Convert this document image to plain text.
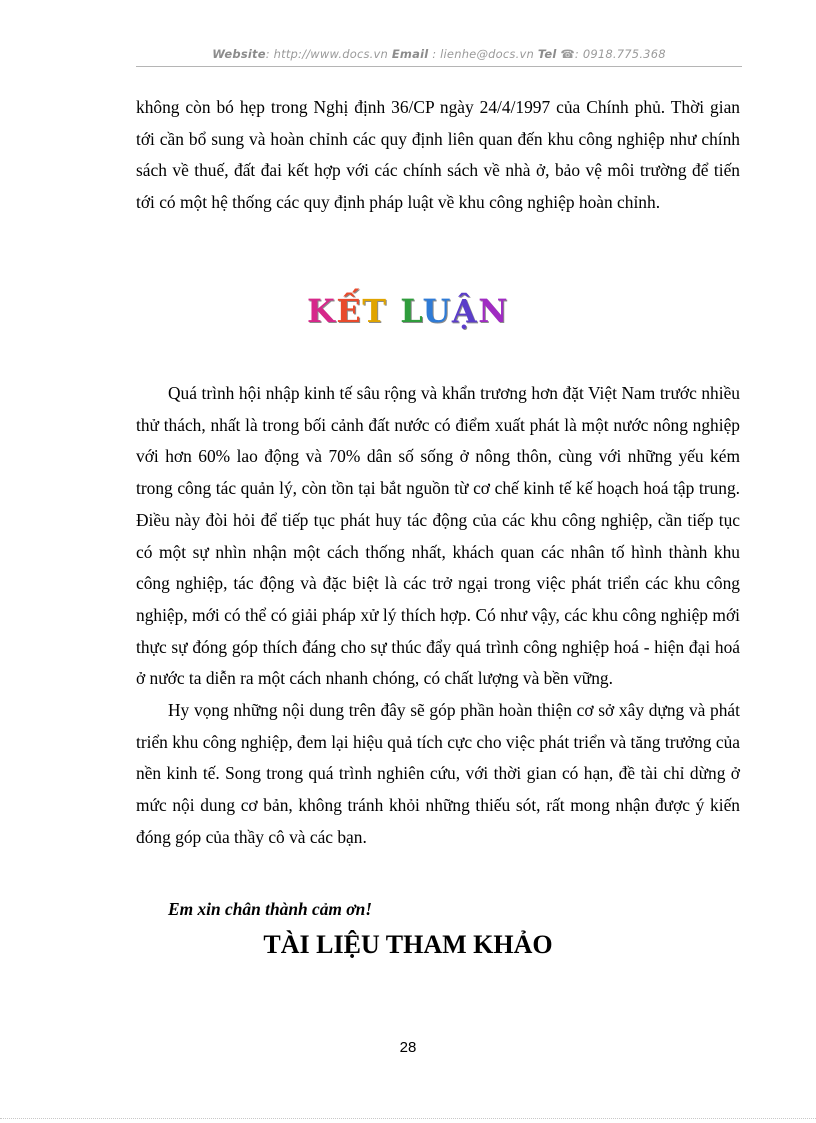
Website: http://www.docs.vn Email : lienhe@docs.vn Tel ☎: 0918.775.368

không còn bó hẹp trong Nghị định 36/CP ngày 24/4/1997 của Chính phủ. Thời gian tới cần bổ sung và hoàn chỉnh các quy định liên quan đến khu công nghiệp như chính sách về thuế, đất đai kết hợp với các chính sách về nhà ở, bảo vệ môi trường để tiến tới có một hệ thống các quy định pháp luật về khu công nghiệp hoàn chỉnh.

KẾT LUẬN

Quá trình hội nhập kinh tế sâu rộng và khẩn trương hơn đặt Việt Nam trước nhiều thử thách, nhất là trong bối cảnh đất nước có điểm xuất phát là một nước nông nghiệp với hơn 60% lao động và 70% dân số sống ở nông thôn, cùng với những yếu kém trong công tác quản lý, còn tồn tại bắt nguồn từ cơ chế kinh tế kế hoạch hoá tập trung. Điều này đòi hỏi để tiếp tục phát huy tác động của các khu công nghiệp, cần tiếp tục có một sự nhìn nhận một cách thống nhất, khách quan các nhân tố hình thành khu công nghiệp, tác động và đặc biệt là các trở ngại trong việc phát triển các khu công nghiệp, mới có thể có giải pháp xử lý thích hợp. Có như vậy, các khu công nghiệp mới thực sự đóng góp thích đáng cho sự thúc đẩy quá trình công nghiệp hoá - hiện đại hoá ở nước ta diễn ra một cách nhanh chóng, có chất lượng và bền vững.

Hy vọng những nội dung trên đây sẽ góp phần hoàn thiện cơ sở xây dựng và phát triển khu công nghiệp, đem lại hiệu quả tích cực cho việc phát triển và tăng trưởng của nền kinh tế. Song trong quá trình nghiên cứu, với thời gian có hạn, đề tài chỉ dừng ở mức nội dung cơ bản, không tránh khỏi những thiếu sót, rất mong nhận được ý kiến đóng góp của thầy cô và các bạn.

Em xin chân thành cảm ơn!
TÀI LIỆU THAM KHẢO
28
